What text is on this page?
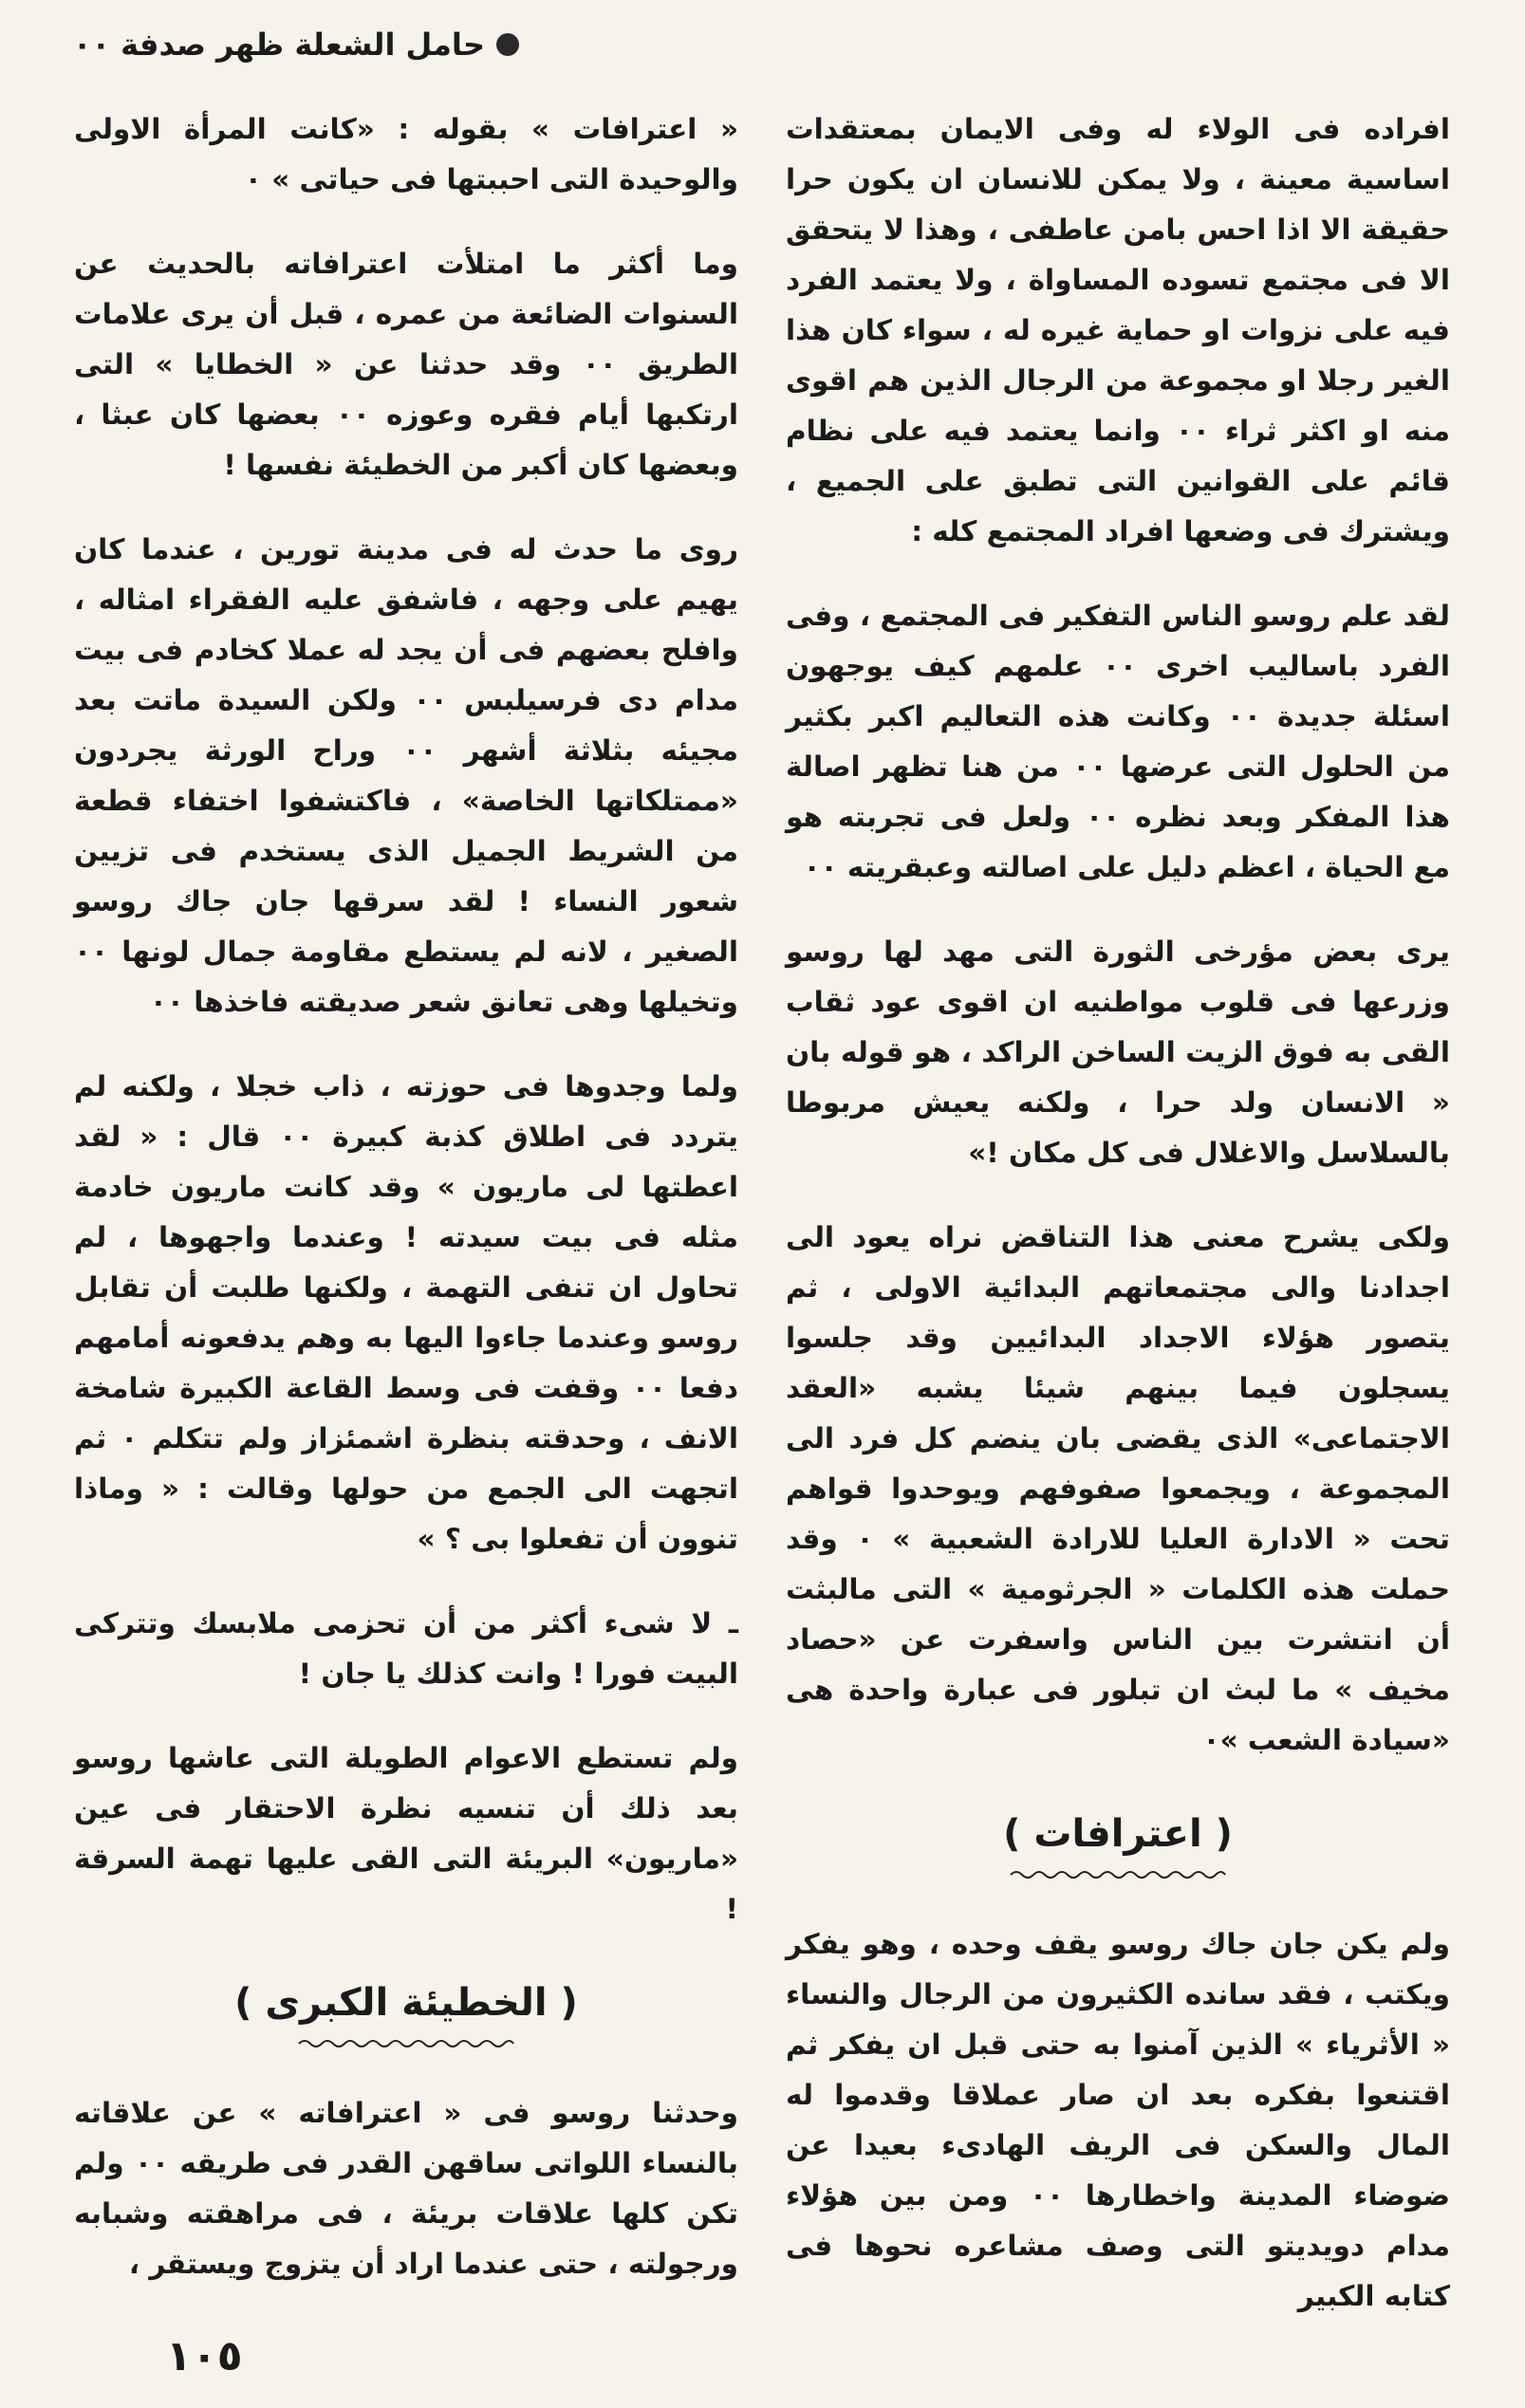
حامل الشعلة ظهر صدفة ٠٠

افراده فى الولاء له وفى الايمان بمعتقدات اساسية معينة ، ولا يمكن للانسان ان يكون حرا حقيقة الا اذا احس بامن عاطفى ، وهذا لا يتحقق الا فى مجتمع تسوده المساواة ، ولا يعتمد الفرد فيه على نزوات او حماية غيره له ، سواء كان هذا الغير رجلا او مجموعة من الرجال الذين هم اقوى منه او اكثر ثراء ٠٠ وانما يعتمد فيه على نظام قائم على القوانين التى تطبق على الجميع ، ويشترك فى وضعها افراد المجتمع كله :

لقد علم روسو الناس التفكير فى المجتمع ، وفى الفرد باساليب اخرى ٠٠ علمهم كيف يوجهون اسئلة جديدة ٠٠ وكانت هذه التعاليم اكبر بكثير من الحلول التى عرضها ٠٠ من هنا تظهر اصالة هذا المفكر وبعد نظره ٠٠ ولعل فى تجربته هو مع الحياة ، اعظم دليل على اصالته وعبقريته ٠٠

يرى بعض مؤرخى الثورة التى مهد لها روسو وزرعها فى قلوب مواطنيه ان اقوى عود ثقاب القى به فوق الزيت الساخن الراكد ، هو قوله بان « الانسان ولد حرا ، ولكنه يعيش مربوطا بالسلاسل والاغلال فى كل مكان !»

ولكى يشرح معنى هذا التناقض نراه يعود الى اجدادنا والى مجتمعاتهم البدائية الاولى ، ثم يتصور هؤلاء الاجداد البدائيين وقد جلسوا يسجلون فيما بينهم شيئا يشبه «العقد الاجتماعى» الذى يقضى بان ينضم كل فرد الى المجموعة ، ويجمعوا صفوفهم ويوحدوا قواهم تحت « الادارة العليا للارادة الشعبية » ٠ وقد حملت هذه الكلمات « الجرثومية » التى مالبثت أن انتشرت بين الناس واسفرت عن «حصاد مخيف » ما لبث ان تبلور فى عبارة واحدة هى «سيادة الشعب »٠

( اعترافات )

ولم يكن جان جاك روسو يقف وحده ، وهو يفكر ويكتب ، فقد سانده الكثيرون من الرجال والنساء « الأثرياء » الذين آمنوا به حتى قبل ان يفكر ثم اقتنعوا بفكره بعد ان صار عملاقا وقدموا له المال والسكن فى الريف الهادىء بعيدا عن ضوضاء المدينة واخطارها ٠٠ ومن بين هؤلاء مدام دويديتو التى وصف مشاعره نحوها فى كتابه الكبير

« اعترافات » بقوله : «كانت المرأة الاولى والوحيدة التى احببتها فى حياتى » ٠

وما أكثر ما امتلأت اعترافاته بالحديث عن السنوات الضائعة من عمره ، قبل أن يرى علامات الطريق ٠٠ وقد حدثنا عن « الخطايا » التى ارتكبها أيام فقره وعوزه ٠٠ بعضها كان عبثا ، وبعضها كان أكبر من الخطيئة نفسها !

روى ما حدث له فى مدينة تورين ، عندما كان يهيم على وجهه ، فاشفق عليه الفقراء امثاله ، وافلح بعضهم فى أن يجد له عملا كخادم فى بيت مدام دى فرسيلبس ٠٠ ولكن السيدة ماتت بعد مجيئه بثلاثة أشهر ٠٠ وراح الورثة يجردون «ممتلكاتها الخاصة» ، فاكتشفوا اختفاء قطعة من الشريط الجميل الذى يستخدم فى تزيين شعور النساء ! لقد سرقها جان جاك روسو الصغير ، لانه لم يستطع مقاومة جمال لونها ٠٠ وتخيلها وهى تعانق شعر صديقته فاخذها ٠٠

ولما وجدوها فى حوزته ، ذاب خجلا ، ولكنه لم يتردد فى اطلاق كذبة كبيرة ٠٠ قال : « لقد اعطتها لى ماريون » وقد كانت ماريون خادمة مثله فى بيت سيدته ! وعندما واجهوها ، لم تحاول ان تنفى التهمة ، ولكنها طلبت أن تقابل روسو وعندما جاءوا اليها به وهم يدفعونه أمامهم دفعا ٠٠ وقفت فى وسط القاعة الكبيرة شامخة الانف ، وحدقته بنظرة اشمئزاز ولم تتكلم ٠ ثم اتجهت الى الجمع من حولها وقالت : « وماذا تنوون أن تفعلوا بى ؟ »

ـ لا شىء أكثر من أن تحزمى ملابسك وتتركى البيت فورا ! وانت كذلك يا جان !

ولم تستطع الاعوام الطويلة التى عاشها روسو بعد ذلك أن تنسيه نظرة الاحتقار فى عين «ماريون» البريئة التى القى عليها تهمة السرقة !

( الخطيئة الكبرى )

وحدثنا روسو فى « اعترافاته » عن علاقاته بالنساء اللواتى ساقهن القدر فى طريقه ٠٠ ولم تكن كلها علاقات بريئة ، فى مراهقته وشبابه ورجولته ، حتى عندما اراد أن يتزوج ويستقر ،

١٠٥
